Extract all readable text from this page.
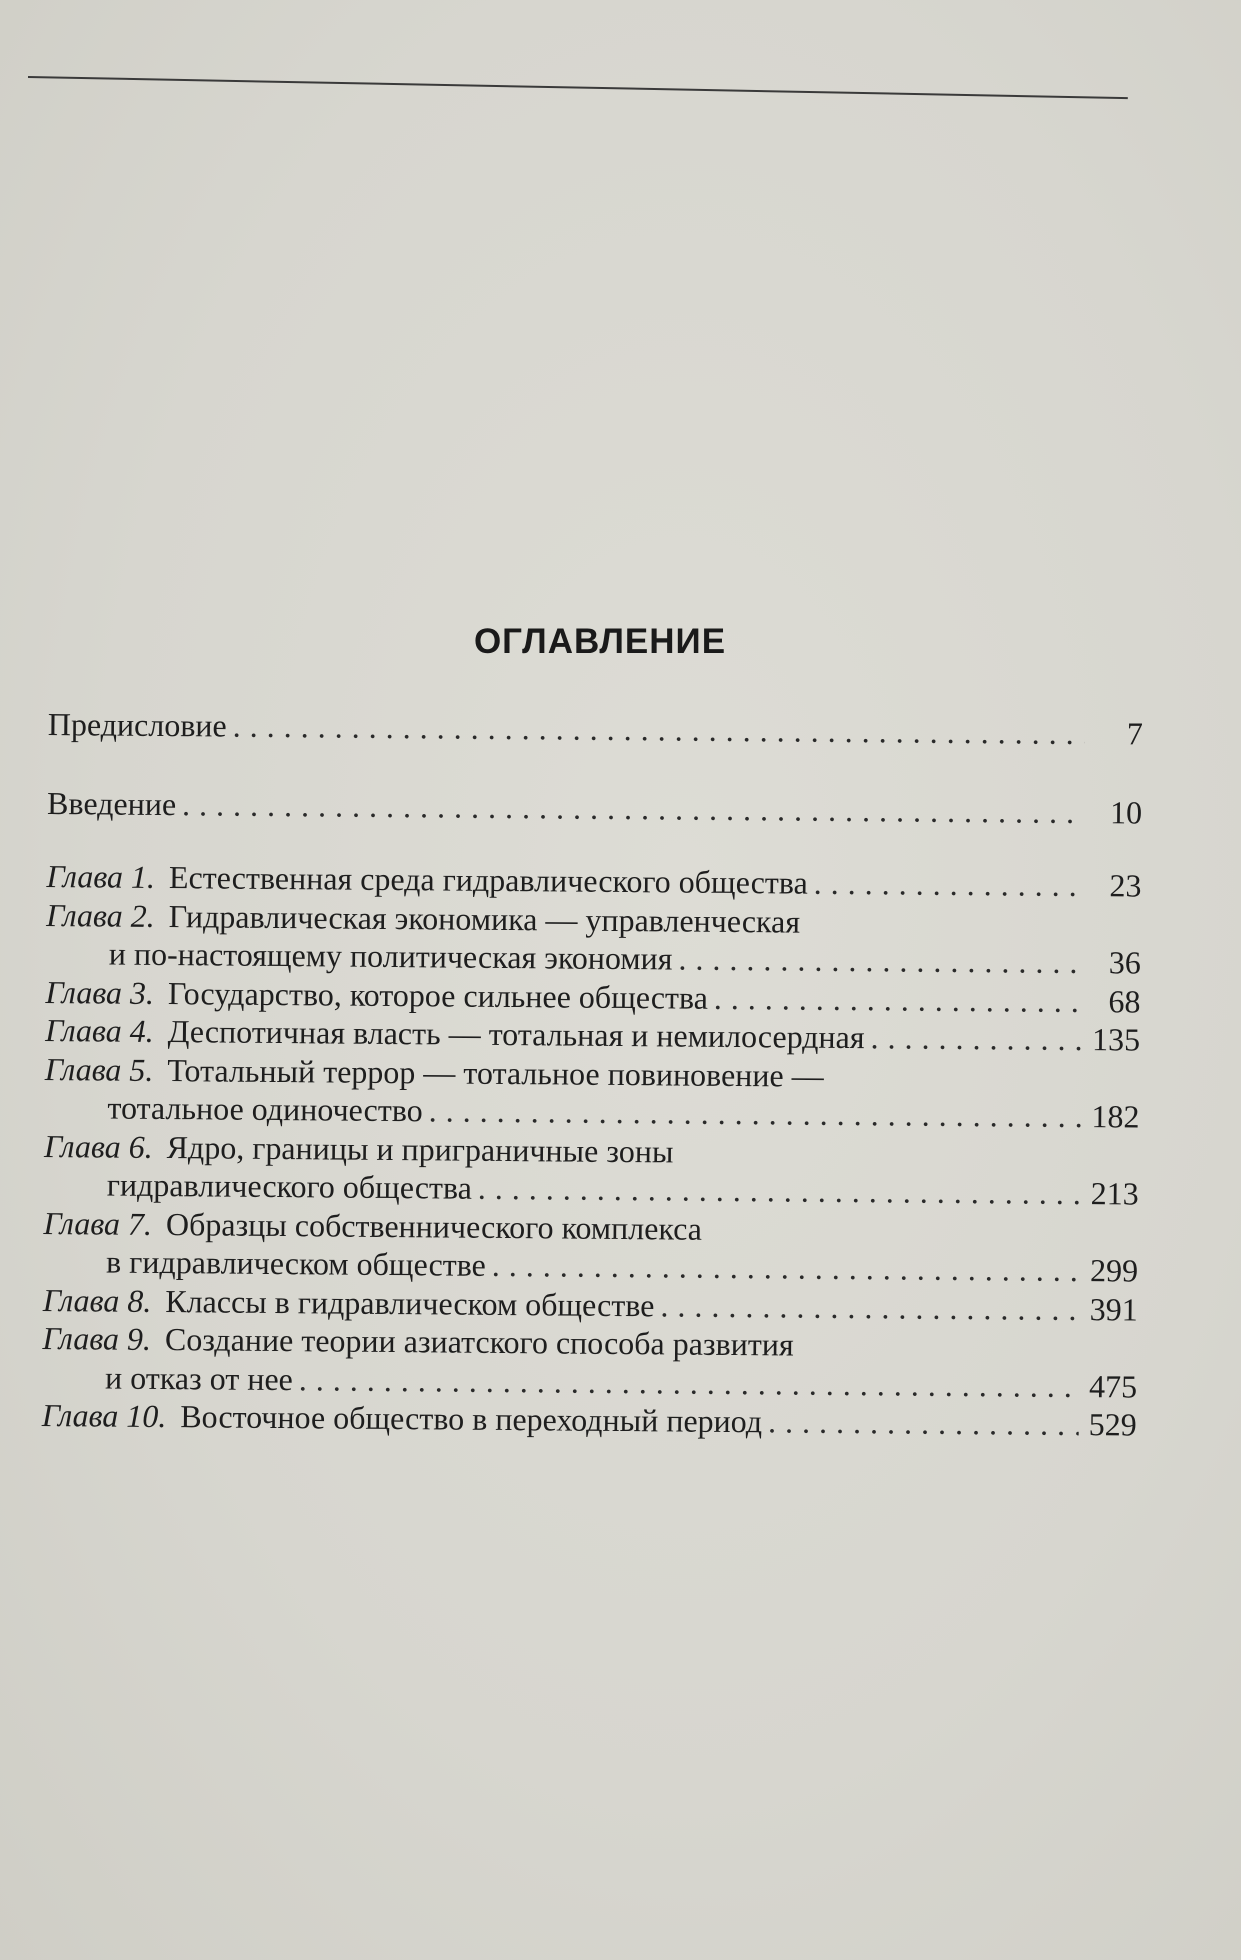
ОГЛАВЛЕНИЕ
Предисловие . . .	7
Введение . . .	10
Глава 1. Естественная среда гидравлического общества . . .	23
Глава 2. Гидравлическая экономика — управленческая
и по-настоящему политическая экономия . . .	36
Глава 3. Государство, которое сильнее общества . . .	68
Глава 4. Деспотичная власть — тотальная и немилосердная . . .	135
Глава 5. Тотальный террор — тотальное повиновение —
тотальное одиночество . . .	182
Глава 6. Ядро, границы и приграничные зоны
гидравлического общества . . .	213
Глава 7. Образцы собственнического комплекса
в гидравлическом обществе . . .	299
Глава 8. Классы в гидравлическом обществе . . .	391
Глава 9. Создание теории азиатского способа развития
и отказ от нее . . .	475
Глава 10. Восточное общество в переходный период . . .	529
